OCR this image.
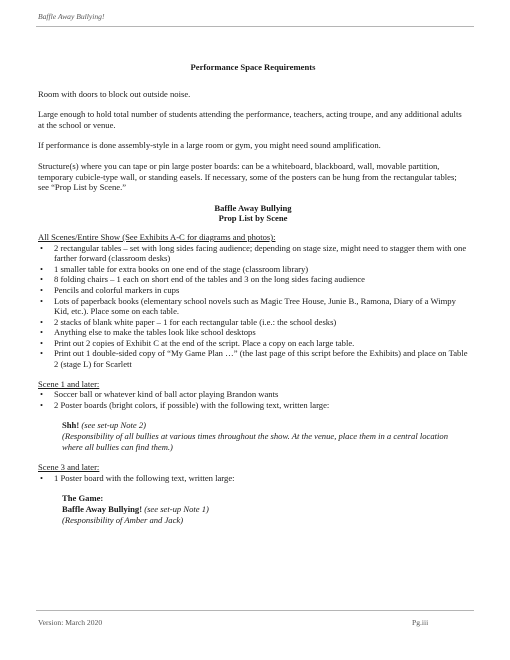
Baffle Away Bullying!

Performance Space Requirements

Room with doors to block out outside noise.

Large enough to hold total number of students attending the performance, teachers, acting troupe, and any additional adults at the school or venue.

If performance is done assembly-style in a large room or gym, you might need sound amplification.

Structure(s) where you can tape or pin large poster boards: can be a whiteboard, blackboard, wall, movable partition, temporary cubicle-type wall, or standing easels. If necessary, some of the posters can be hung from the rectangular tables; see “Prop List by Scene.”

Baffle Away Bullying

Prop List by Scene

All Scenes/Entire Show (See Exhibits A-C for diagrams and photos):

• 2 rectangular tables – set with long sides facing audience; depending on stage size, might need to stagger them with one farther forward (classroom desks)
• 1 smaller table for extra books on one end of the stage (classroom library)
• 8 folding chairs – 1 each on short end of the tables and 3 on the long sides facing audience
• Pencils and colorful markers in cups
• Lots of paperback books (elementary school novels such as Magic Tree House, Junie B., Ramona, Diary of a Wimpy Kid, etc.). Place some on each table.
• 2 stacks of blank white paper – 1 for each rectangular table (i.e.: the school desks)
• Anything else to make the tables look like school desktops
• Print out 2 copies of Exhibit C at the end of the script. Place a copy on each large table.
• Print out 1 double-sided copy of “My Game Plan …” (the last page of this script before the Exhibits) and place on Table 2 (stage L) for Scarlett

Scene 1 and later:

• Soccer ball or whatever kind of ball actor playing Brandon wants
• 2 Poster boards (bright colors, if possible) with the following text, written large:
Shh! (see set-up Note 2)
(Responsibility of all bullies at various times throughout the show. At the venue, place them in a central location where all bullies can find them.)

Scene 3 and later:

• 1 Poster board with the following text, written large:
The Game:
Baffle Away Bullying! (see set-up Note 1)
(Responsibility of Amber and Jack)
Version: March 2020	Pg.iii
